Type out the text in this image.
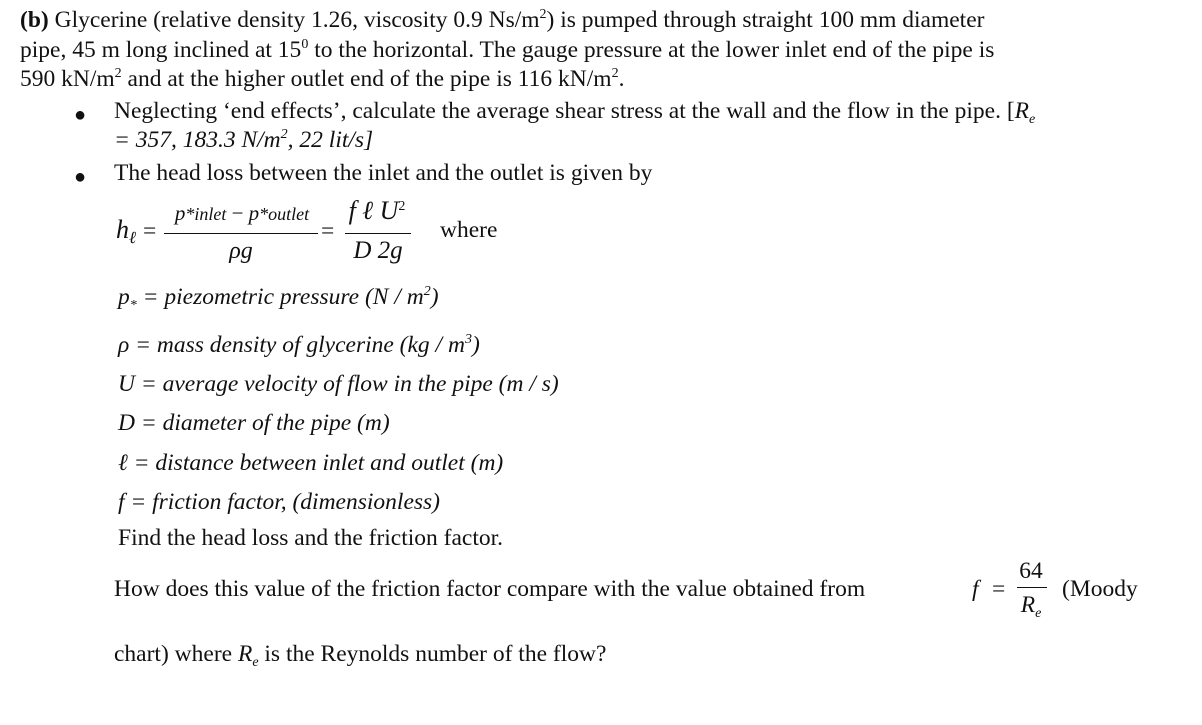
(b) Glycerine (relative density 1.26, viscosity 0.9 $Ns/m^2$) is pumped through straight 100 mm diameter
pipe, 45 m long inclined at $15^0$ to the horizontal. The gauge pressure at the lower inlet end of the pipe is
590 $kN/m^2$ and at the higher outlet end of the pipe is 116 $kN/m^2$.
● Neglecting ‘end effects’, calculate the average shear stress at the wall and the flow in the pipe. [$R_e$
= 357, 183.3 $N/m^2$, 22 lit/s]
● The head loss between the inlet and the outlet is given by
$h_\ell$ =
p*inlet − p*outlet
ρg
=
f ℓ $U^2$
D 2g
where
$p_*$ = piezometric pressure $(N / m^2)$
ρ = mass density of glycerine $(kg / m^3)$
U = average velocity of flow in the pipe (m / s)
D = diameter of the pipe (m)
ℓ = distance between inlet and outlet (m)
f = friction factor, (dimensionless)
Find the head loss and the friction factor.
How does this value of the friction factor compare with the value obtained from	f =
64
$R_e$
(Moody
chart) where $R_e$ is the Reynolds number of the flow?
